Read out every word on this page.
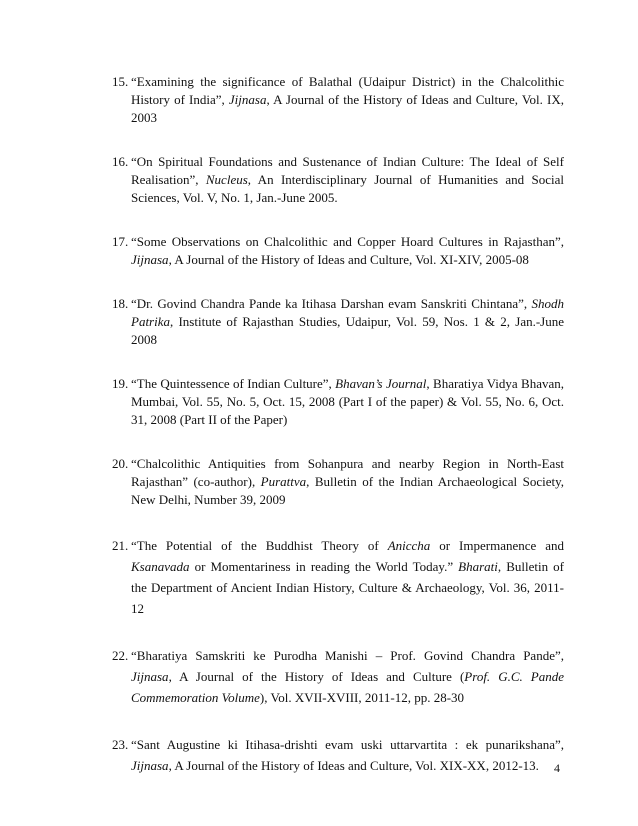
15. “Examining the significance of Balathal (Udaipur District) in the Chalcolithic History of India”, Jijnasa, A Journal of the History of Ideas and Culture, Vol. IX, 2003
16. “On Spiritual Foundations and Sustenance of Indian Culture: The Ideal of Self Realisation”, Nucleus, An Interdisciplinary Journal of Humanities and Social Sciences, Vol. V, No. 1, Jan.-June 2005.
17. “Some Observations on Chalcolithic and Copper Hoard Cultures in Rajasthan”, Jijnasa, A Journal of the History of Ideas and Culture, Vol. XI-XIV, 2005-08
18. “Dr. Govind Chandra Pande ka Itihasa Darshan evam Sanskriti Chintana”, Shodh Patrika, Institute of Rajasthan Studies, Udaipur, Vol. 59, Nos. 1 & 2, Jan.-June 2008
19. “The Quintessence of Indian Culture”, Bhavan’s Journal, Bharatiya Vidya Bhavan, Mumbai, Vol. 55, No. 5, Oct. 15, 2008 (Part I of the paper) & Vol. 55, No. 6, Oct. 31, 2008 (Part II of the Paper)
20. “Chalcolithic Antiquities from Sohanpura and nearby Region in North-East Rajasthan” (co-author), Purattva, Bulletin of the Indian Archaeological Society, New Delhi, Number 39, 2009
21. “The Potential of the Buddhist Theory of Aniccha or Impermanence and Ksanavada or Momentariness in reading the World Today.” Bharati, Bulletin of the Department of Ancient Indian History, Culture & Archaeology, Vol. 36, 2011-12
22. “Bharatiya Samskriti ke Purodha Manishi – Prof. Govind Chandra Pande”, Jijnasa, A Journal of the History of Ideas and Culture (Prof. G.C. Pande Commemoration Volume), Vol. XVII-XVIII, 2011-12, pp. 28-30
23. “Sant Augustine ki Itihasa-drishti evam uski uttarvartita : ek punarikshana”, Jijnasa, A Journal of the History of Ideas and Culture, Vol. XIX-XX, 2012-13.	4
